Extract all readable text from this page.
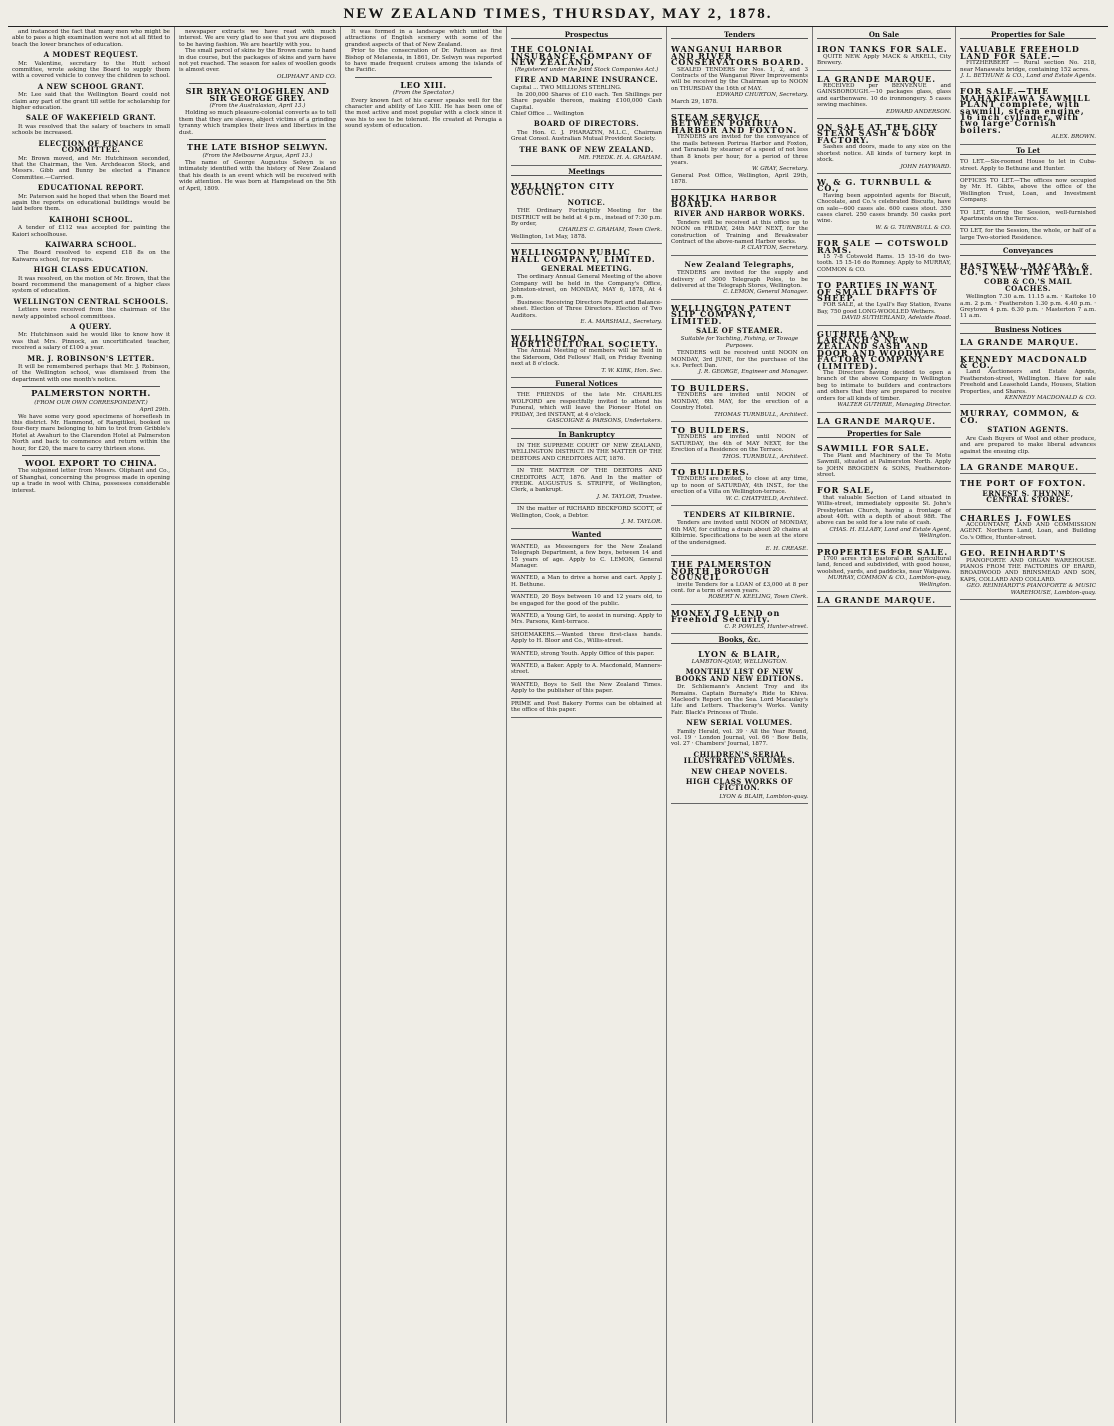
NEW ZEALAND TIMES, THURSDAY, MAY 2, 1878.

and instanced the fact that many men who might be able to pass a high examination were not at all fitted to teach the lower branches of education.

A MODEST REQUEST.

Mr. Valentine, secretary to the Hutt school committee, wrote asking the Board to supply them with a covered vehicle to convey the children to school.

A NEW SCHOOL GRANT.

Mr. Lee said that the Wellington Board could not claim any part of the grant till settle for scholarship for higher education.

SALE OF WAKEFIELD GRANT.

It was resolved that the salary of teachers in small schools be increased.

ELECTION OF FINANCE COMMITTEE.

Mr. Brown moved, and Mr. Hutchinson seconded, that the Chairman, the Ven. Archdeacon Stock, and Messrs. Gibb and Bunny be elected a Finance Committee.—Carried.

EDUCATIONAL REPORT.

Mr. Paterson said he hoped that when the Board met again the reports on educational buildings would be laid before them.

KAIHOHI SCHOOL.

A tender of £112 was accepted for painting the Kaiori schoolhouse.

KAIWARRA SCHOOL.

The Board resolved to expend £18 8s on the Kaiwarra school, for repairs.

HIGH CLASS EDUCATION.

It was resolved, on the motion of Mr. Brown, that the board recommend the management of a higher class system of education.

WELLINGTON CENTRAL SCHOOLS.

Letters were received from the chairman of the newly appointed school committees.

A QUERY.

Mr. Hutchinson said he would like to know how it was that Mrs. Pinnock, an uncertificated teacher, received a salary of £100 a year.

MR. J. ROBINSON'S LETTER.

It will be remembered perhaps that Mr. J. Robinson, of the Wellington school, was dismissed from the department with one month's notice.

PALMERSTON NORTH.
(FROM OUR OWN CORRESPONDENT.)
April 29th.

We have some very good specimens of horseflesh in this district. Mr. Hammond, of Rangitikei, booked us four-fiery mare belonging to him to trot from Gribble's Hotel at Awahuri to the Clarendon Hotel at Palmerston North and back to commence and return within the hour, for £20, the mare to carry thirteen stone.

WOOL EXPORT TO CHINA.

The subjoined letter from Messrs. Oliphant and Co., of Shanghai, concerning the progress made in opening up a trade in wool with China, possesses considerable interest.

newspaper extracts we have read with much interest. We are very glad to see that you are disposed to be having fashion. We are heartily with you.

The small parcel of skins by the Brown came to hand in due course, but the packages of skins and yarn have not yet reached. The season for sales of woollen goods is almost over.

OLIPHANT AND CO.
SIR BRYAN O'LOGHLEN AND SIR GEORGE GREY.
(From the Australasian, April 13.)

Holding so much pleasure-colonial converts as to tell them that they are slaves, abject victims of a grinding tyranny which tramples their lives and liberties in the dust.

THE LATE BISHOP SELWYN.
(From the Melbourne Argus, April 13.)

The name of George Augustus Selwyn is so intimately identified with the history of New Zealand that his death is an event which will be received with wide attention. He was born at Hampstead on the 5th of April, 1809.

It was formed in a landscape which united the attractions of English scenery with some of the grandest aspects of that of New Zealand.

Prior to the consecration of Dr. Pattison as first Bishop of Melanesia, in 1861, Dr. Selwyn was reported to have made frequent cruises among the islands of the Pacific.

LEO XIII.
(From the Spectator.)

Every known fact of his career speaks well for the character and ability of Leo XIII. He has been one of the most active and most popular with a clock since it was his to see to be tolerant. He created at Perugia a sound system of education.

Prospectus
THE COLONIAL INSURANCE COMPANY OF NEW ZEALAND,
(Registered under the Joint Stock Companies Act.)
FIRE AND MARINE INSURANCE.
Capital ... TWO MILLIONS STERLING.

In 200,000 Shares of £10 each. Ten Shillings per Share payable thereon, making £100,000 Cash Capital.

Chief Office ... Wellington
BOARD OF DIRECTORS.

The Hon. C. J. PHARAZYN, M.L.C., Chairman Great Consol. Australian Mutual Provident Society.

THE BANK OF NEW ZEALAND.
MR. FREDK. H. A. GRAHAM.
Meetings
WELLINGTON CITY COUNCIL.
NOTICE.

THE Ordinary Fortnightly Meeting for the DISTRICT will be held at 4 p.m., instead of 7:30 p.m. By order,

CHARLES C. GRAHAM, Town Clerk.
Wellington, 1st May, 1878.
WELLINGTON PUBLIC HALL COMPANY, LIMITED.
GENERAL MEETING.

The ordinary Annual General Meeting of the above Company will be held in the Company's Office, Johnston-street, on MONDAY, MAY 6, 1878, At 4 p.m.

Business: Receiving Directors Report and Balance-sheet. Election of Three Directors. Election of Two Auditors.

E. A. MARSHALL, Secretary.
WELLINGTON HORTICULTURAL SOCIETY.

The Annual Meeting of members will be held in the Sideroom, Odd Fellows' Hall, on Friday Evening next at 8 o'clock.

T. W. KIRK, Hon. Sec.
Funeral Notices

THE FRIENDS of the late Mr. CHARLES WOLFORD are respectfully invited to attend his Funeral, which will leave the Pioneer Hotel on FRIDAY, 3rd INSTANT, at 4 o'clock.

GASCOIGNE & PARSONS, Undertakers.
In Bankruptcy

IN THE SUPREME COURT OF NEW ZEALAND, WELLINGTON DISTRICT. IN THE MATTER OF THE DEBTORS AND CREDITORS ACT, 1876.

IN THE MATTER OF THE DEBTORS AND CREDITORS ACT, 1876. And In the matter of FREDK. AUGUSTUS S. STRIFFE, of Wellington, Clerk, a bankrupt.

J. M. TAYLOR, Trustee.

IN the matter of RICHARD BECKFORD SCOTT, of Wellington, Cook, a Debtor.

J. M. TAYLOR.
Wanted
WANTED, as Messengers for the New Zealand Telegraph Department, a few boys, between 14 and 15 years of age. Apply to C. LEMON, General Manager.
WANTED, a Man to drive a horse and cart. Apply J. H. Bethune.
WANTED, 20 Boys between 10 and 12 years old, to be engaged for the good of the public.
WANTED, a Young Girl, to assist in nursing. Apply to Mrs. Parsons, Kent-terrace.
SHOEMAKERS.—Wanted three first-class hands. Apply to H. Bloor and Co., Willis-street.
WANTED, strong Youth. Apply Office of this paper.
WANTED, a Baker. Apply to A. Macdonald, Manners-street.
WANTED, Boys to Sell the New Zealand Times. Apply to the publisher of this paper.
PRIME and Post Bakery Forms can be obtained at the office of this paper.
Tenders
WANGANUI HARBOR AND RIVER CONSERVATORS BOARD.

SEALED TENDERS for Nos. 1, 2, and 3 Contracts of the Wanganui River Improvements will be received by the Chairman up to NOON on THURSDAY the 16th of MAY.

EDWARD CHURTON, Secretary.
March 29, 1878.
STEAM SERVICE BETWEEN PORIRUA HARBOR AND FOXTON.

TENDERS are invited for the conveyance of the mails between Porirua Harbor and Foxton, and Taranaki by steamer of a speed of not less than 8 knots per hour, for a period of three years.

W. GRAY, Secretary.
General Post Office, Wellington, April 29th, 1878.
HOKITIKA HARBOR BOARD.
RIVER AND HARBOR WORKS.

Tenders will be received at this office up to NOON on FRIDAY, 24th MAY NEXT, for the construction of Training and Breakwater Contract of the above-named Harbor works.

P. CLAYTON, Secretary.
New Zealand Telegraphs,

TENDERS are invited for the supply and delivery of 3000 Telegraph Poles, to be delivered at the Telegraph Stores, Wellington.

C. LEMON, General Manager.
WELLINGTON PATENT SLIP COMPANY, LIMITED.
SALE OF STEAMER.
Suitable for Yachting, Fishing, or Towage Purposes.

TENDERS will be received until NOON on MONDAY, 3rd JUNE, for the purchase of the s.s. Perfect Dan.

J. R. GEORGE, Engineer and Manager.
TO BUILDERS.

TENDERS are invited until NOON of MONDAY, 6th MAY, for the erection of a Country Hotel.

THOMAS TURNBULL, Architect.
TO BUILDERS.

TENDERS are invited until NOON of SATURDAY, the 4th of MAY NEXT, for the Erection of a Residence on the Terrace.

THOS. TURNBULL, Architect.
TO BUILDERS.

TENDERS are invited, to close at any time, up to noon of SATURDAY, 4th INST., for the erection of a Villa on Wellington-terrace.

W. C. CHATFIELD, Architect.
TENDERS AT KILBIRNIE.

Tenders are invited until NOON of MONDAY, 6th MAY, for cutting a drain about 20 chains at Kilbirnie. Specifications to be seen at the store of the undersigned.

E. H. CREASE.
THE PALMERSTON NORTH BOROUGH COUNCIL

invite Tenders for a LOAN of £3,000 at 8 per cent. for a term of seven years.

ROBERT N. KEELING, Town Clerk.
MONEY TO LEND on Freehold Security.
C. P. POWLES, Hunter-street.
Books, &c.
LYON & BLAIR,
LAMBTON-QUAY, WELLINGTON.
MONTHLY LIST OF NEW BOOKS AND NEW EDITIONS.

Dr. Schliemann's Ancient Troy and its Remains. Captain Burnaby's Ride to Khiva. Macleod's Report on the Sea. Lord Macaulay's Life and Letters. Thackeray's Works. Vanity Fair. Black's Princess of Thule.

NEW SERIAL VOLUMES.

Family Herald, vol. 39 · All the Year Round, vol. 19 · London Journal, vol. 66 · Bow Bells, vol. 27 · Chambers' Journal, 1877.

CHILDREN'S SERIAL ILLUSTRATED VOLUMES.
NEW CHEAP NOVELS.
HIGH CLASS WORKS OF FICTION.
LYON & BLAIR, Lambton-quay.
On Sale
IRON TANKS FOR SALE.

QUITE NEW. Apply MACK & ARKELL, City Brewery.

LA GRANDE MARQUE.

RECEIVED per BENVENUE and GAINSBOROUGH.—10 packages glass, glass and earthenware. 10 do ironmongery. 5 cases sewing machines.

EDWARD ANDERSON.
ON SALE AT THE CITY STEAM SASH & DOOR FACTORY.

Sashes and doors, made to any size on the shortest notice. All kinds of turnery kept in stock.

JOHN HAYWARD.
W. & G. TURNBULL & CO.,

Having been appointed agents for Biscuit, Chocolate, and Co.'s celebrated Biscuits, have on sale—600 cases ale. 600 cases stout. 350 cases claret. 250 cases brandy. 50 casks port wine.

W. & G. TURNBULL & CO.
FOR SALE — COTSWOLD RAMS.

15 7-8 Cotswold Rams. 15 15-16 do two-tooth. 15 15-16 do Romney. Apply to MURRAY, COMMON & CO.

TO PARTIES IN WANT OF SMALL DRAFTS OF SHEEP.

FOR SALE, at the Lyall's Bay Station, Evans Bay, 750 good LONG-WOOLLED Wethers.

DAVID SUTHERLAND, Adelaide Road.
GUTHRIE AND LARNACH'S NEW ZEALAND SASH AND DOOR AND WOODWARE FACTORY COMPANY (LIMITED).

The Directors having decided to open a branch of the above Company in Wellington beg to intimate to builders and contractors and others that they are prepared to receive orders for all kinds of timber.

WALTER GUTHRIE, Managing Director.
LA GRANDE MARQUE.
Properties for Sale
SAWMILL FOR SALE.

The Plant and Machinery of the Te Motu Sawmill, situated at Palmerston North. Apply to JOHN BROGDEN & SONS, Featherston-street.

FOR SALE,

that valuable Section of Land situated in Willis-street, immediately opposite St. John's Presbyterian Church, having a frontage of about 40ft. with a depth of about 98ft. The above can be sold for a low rate of cash.

CHAS. H. ELLABY, Land and Estate Agent, Wellington.
PROPERTIES FOR SALE.

1700 acres rich pastoral and agricultural land, fenced and subdivided, with good house, woolshed, yards, and paddocks, near Waipawa.

MURRAY, COMMON & CO., Lambton-quay, Wellington.
LA GRANDE MARQUE.
Properties for Sale
VALUABLE FREEHOLD LAND FOR SALE.—

FITZHERBERT — Rural section No. 218, near Manawatu bridge, containing 152 acres.

J. L. BETHUNE & CO., Land and Estate Agents.
FOR SALE.—THE MAHAKIPAWA SAWMILL PLANT complete, with sawmill, steam engine, 16 inch cylinder, with two large Cornish boilers.
ALEX. BROWN.
To Let
TO LET.—Six-roomed House to let in Cuba-street. Apply to Bethune and Hunter.
OFFICES TO LET.—The offices now occupied by Mr. H. Gibbs, above the office of the Wellington Trust, Loan, and Investment Company.
TO LET, during the Session, well-furnished Apartments on the Terrace.
TO LET, for the Session, the whole, or half of a large Two-storied Residence.
Conveyances
HASTWELL, MACARA, & CO.'S NEW TIME TABLE.
COBB & CO.'S MAIL COACHES.

Wellington 7.30 a.m. 11.15 a.m. · Kaitoke 10 a.m. 2 p.m. · Featherston 1.30 p.m. 4.40 p.m. · Greytown 4 p.m. 6.30 p.m. · Masterton 7 a.m. 11 a.m.

Business Notices
LA GRANDE MARQUE.
KENNEDY MACDONALD & CO.,

Land Auctioneers and Estate Agents, Featherston-street, Wellington. Have for sale Freehold and Leasehold Lands, Houses, Station Properties, and Shares.

KENNEDY MACDONALD & CO.
MURRAY, COMMON, & CO.
STATION AGENTS.

Are Cash Buyers of Wool and other produce, and are prepared to make liberal advances against the ensuing clip.

LA GRANDE MARQUE.
THE PORT OF FOXTON.
ERNEST S. THYNNE, CENTRAL STORES.
CHARLES J. FOWLES

ACCOUNTANT, LAND AND COMMISSION AGENT. Northern Land, Loan, and Building Co.'s Office, Hunter-street.

GEO. REINHARDT'S

PIANOFORTE AND ORGAN WAREHOUSE. PIANOS FROM THE FACTORIES OF ERARD, BROADWOOD AND BRINSMEAD AND SON, KAPS, COLLARD AND COLLARD.

GEO. REINHARDT'S PIANOFORTE & MUSIC WAREHOUSE, Lambton-quay.
